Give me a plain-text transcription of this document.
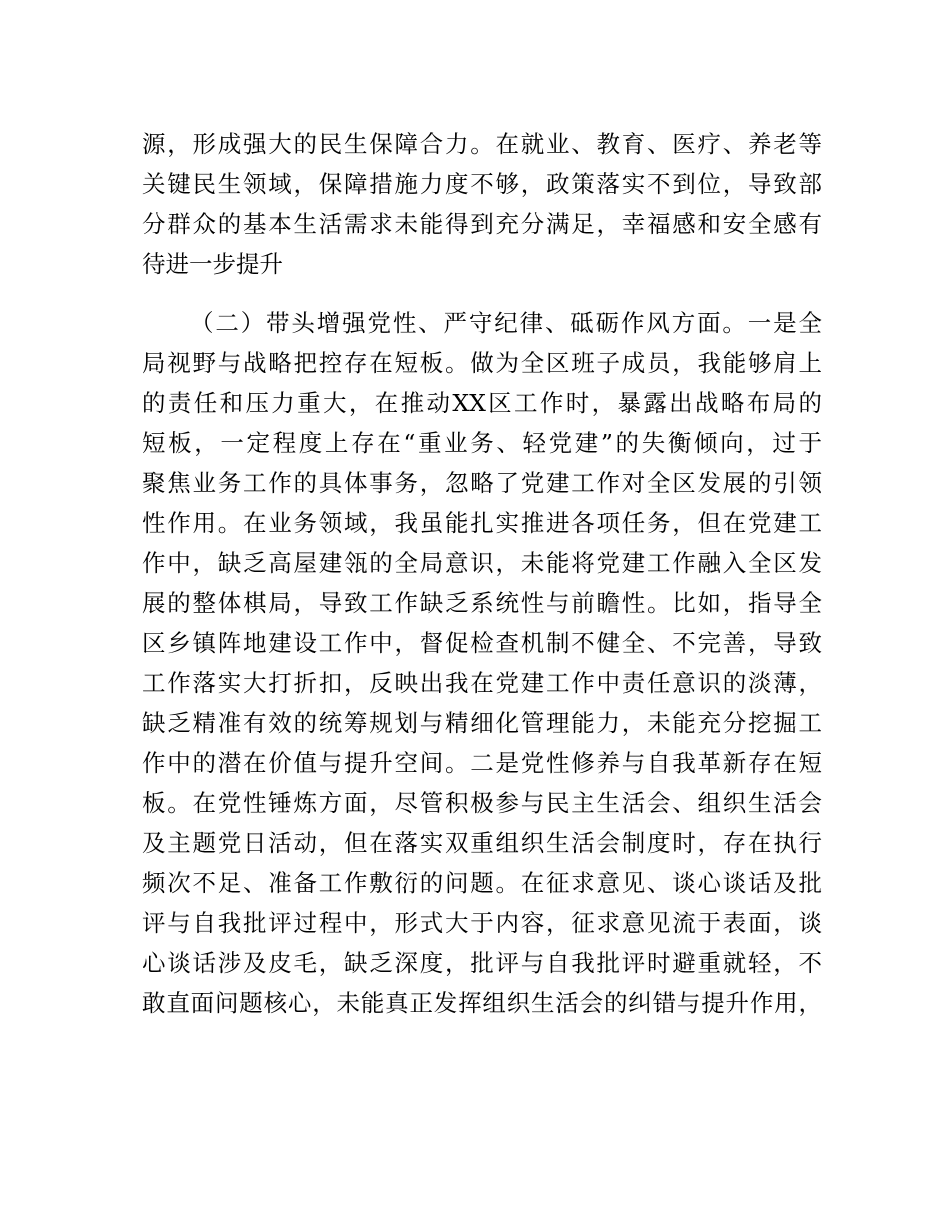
源，形成强大的民生保障合力。在就业、教育、医疗、养老等
关键民生领域，保障措施力度不够，政策落实不到位，导致部
分群众的基本生活需求未能得到充分满足，幸福感和安全感有
待进一步提升
（二）带头增强党性、严守纪律、砥砺作风方面。一是全
局视野与战略把控存在短板。做为全区班子成员，我能够肩上
的责任和压力重大，在推动XX区工作时，暴露出战略布局的
短板，一定程度上存在“重业务、轻党建”的失衡倾向，过于
聚焦业务工作的具体事务，忽略了党建工作对全区发展的引领
性作用。在业务领域，我虽能扎实推进各项任务，但在党建工
作中，缺乏高屋建瓴的全局意识，未能将党建工作融入全区发
展的整体棋局，导致工作缺乏系统性与前瞻性。比如，指导全
区乡镇阵地建设工作中，督促检查机制不健全、不完善，导致
工作落实大打折扣，反映出我在党建工作中责任意识的淡薄，
缺乏精准有效的统筹规划与精细化管理能力，未能充分挖掘工
作中的潜在价值与提升空间。二是党性修养与自我革新存在短
板。在党性锤炼方面，尽管积极参与民主生活会、组织生活会
及主题党日活动，但在落实双重组织生活会制度时，存在执行
频次不足、准备工作敷衍的问题。在征求意见、谈心谈话及批
评与自我批评过程中，形式大于内容，征求意见流于表面，谈
心谈话涉及皮毛，缺乏深度，批评与自我批评时避重就轻，不
敢直面问题核心，未能真正发挥组织生活会的纠错与提升作用，
